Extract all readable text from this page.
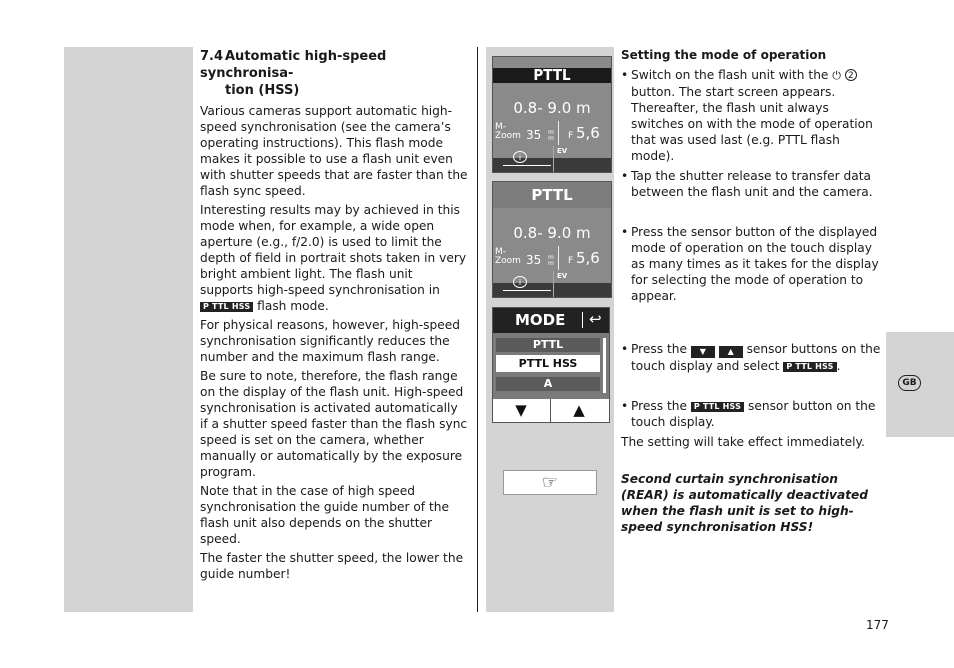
7.4 Automatic high-speed synchronisa-
tion (HSS)

Various cameras support automatic high-speed synchronisation (see the camera’s operating instructions). This flash mode makes it possible to use a flash unit even with shutter speeds that are faster than the flash sync speed.

Interesting results may by achieved in this mode when, for example, a wide open aperture (e.g., f/2.0) is used to limit the depth of field in portrait shots taken in very bright ambient light. The flash unit supports high-speed synchronisation in P TTL HSS flash mode.

For physical reasons, however, high-speed synchronisation significantly reduces the number and the maximum flash range.

Be sure to note, therefore, the flash range on the display of the flash unit. High-speed synchronisation is activated automatically if a shutter speed faster than the flash sync speed is set on the camera, whether manually or automatically by the exposure program.

Note that in the case of high speed synchronisation the guide number of the flash unit also depends on the shutter speed.

The faster the shutter speed, the lower the guide number!

PTTL
0.8- 9.0 m
M-
Zoom 35 m
m F 5,6
i
EV
PTTL
0.8- 9.0 m
M-
Zoom 35 m
m F 5,6
i
EV
MODE ↩
PTTL
PTTL HSS
A
▼	▲
☞
Setting the mode of operation
• Switch on the flash unit with the ⏻ 2 button. The start screen appears. Thereafter, the flash unit always switches on with the mode of operation that was used last (e.g. PTTL flash mode).
• Tap the shutter release to transfer data between the flash unit and the camera.
• Press the sensor button of the displayed mode of operation on the touch display as many times as it takes for the display for selecting the mode of operation to appear.
• Press the ▼	▲ sensor buttons on the touch display and select P TTL HSS .
• Press the P TTL HSS sensor button on the touch display.

The setting will take effect immediately.

Second curtain synchronisation (REAR) is automatically deactivated when the flash unit is set to high-speed synchronisation HSS!

GB
177
